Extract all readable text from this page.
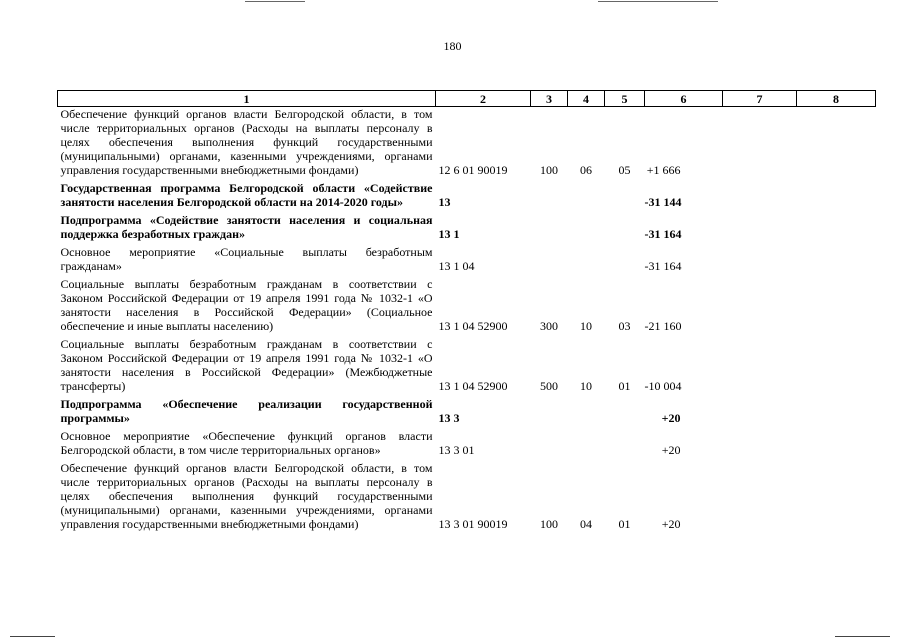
180
1	2	3	4	5	6	7	8
Обеспечение функций органов власти Белгородской области, в том числе территориальных органов (Расходы на выплаты персоналу в целях обеспечения выполнения функций государственными (муниципальными) органами, казенными учреждениями, органами управления государственными внебюджетными фондами)	12 6 01 90019	100	06	05	+1 666		
Государственная программа Белгородской области «Содействие занятости населения Белгородской области на 2014-2020 годы»	13				-31 144		
Подпрограмма «Содействие занятости населения и социальная поддержка безработных граждан»	13 1				-31 164		
Основное мероприятие «Социальные выплаты безработным гражданам»	13 1 04				-31 164		
Социальные выплаты безработным гражданам в соответствии с Законом Российской Федерации от 19 апреля 1991 года № 1032-1 «О занятости населения в Российской Федерации» (Социальное обеспечение и иные выплаты населению)	13 1 04 52900	300	10	03	-21 160		
Социальные выплаты безработным гражданам в соответствии с Законом Российской Федерации от 19 апреля 1991 года № 1032-1 «О занятости населения в Российской Федерации» (Межбюджетные трансферты)	13 1 04 52900	500	10	01	-10 004		
Подпрограмма «Обеспечение реализации государственной программы»	13 3				+20		
Основное мероприятие «Обеспечение функций органов власти Белгородской области, в том числе территориальных органов»	13 3 01				+20		
Обеспечение функций органов власти Белгородской области, в том числе территориальных органов (Расходы на выплаты персоналу в целях обеспечения выполнения функций государственными (муниципальными) органами, казенными учреждениями, органами управления государственными внебюджетными фондами)	13 3 01 90019	100	04	01	+20		
